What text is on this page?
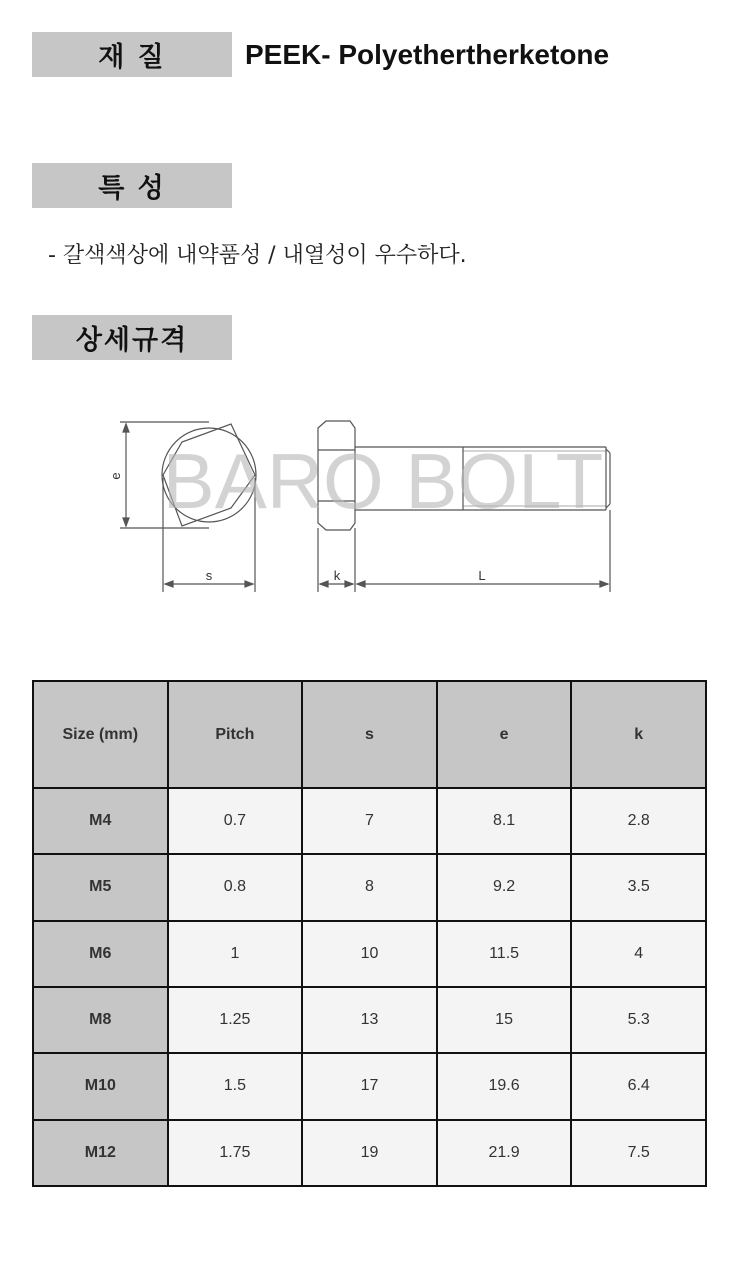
재 질	PEEK- Polyethertherketone
특 성
- 갈색색상에 내약품성 / 내열성이 우수하다.
상세규격
BARO BOLT
e
s	k	L
Size (mm)	Pitch	s	e	k
M4	0.7	7	8.1	2.8
M5	0.8	8	9.2	3.5
M6	1	10	11.5	4
M8	1.25	13	15	5.3
M10	1.5	17	19.6	6.4
M12	1.75	19	21.9	7.5
